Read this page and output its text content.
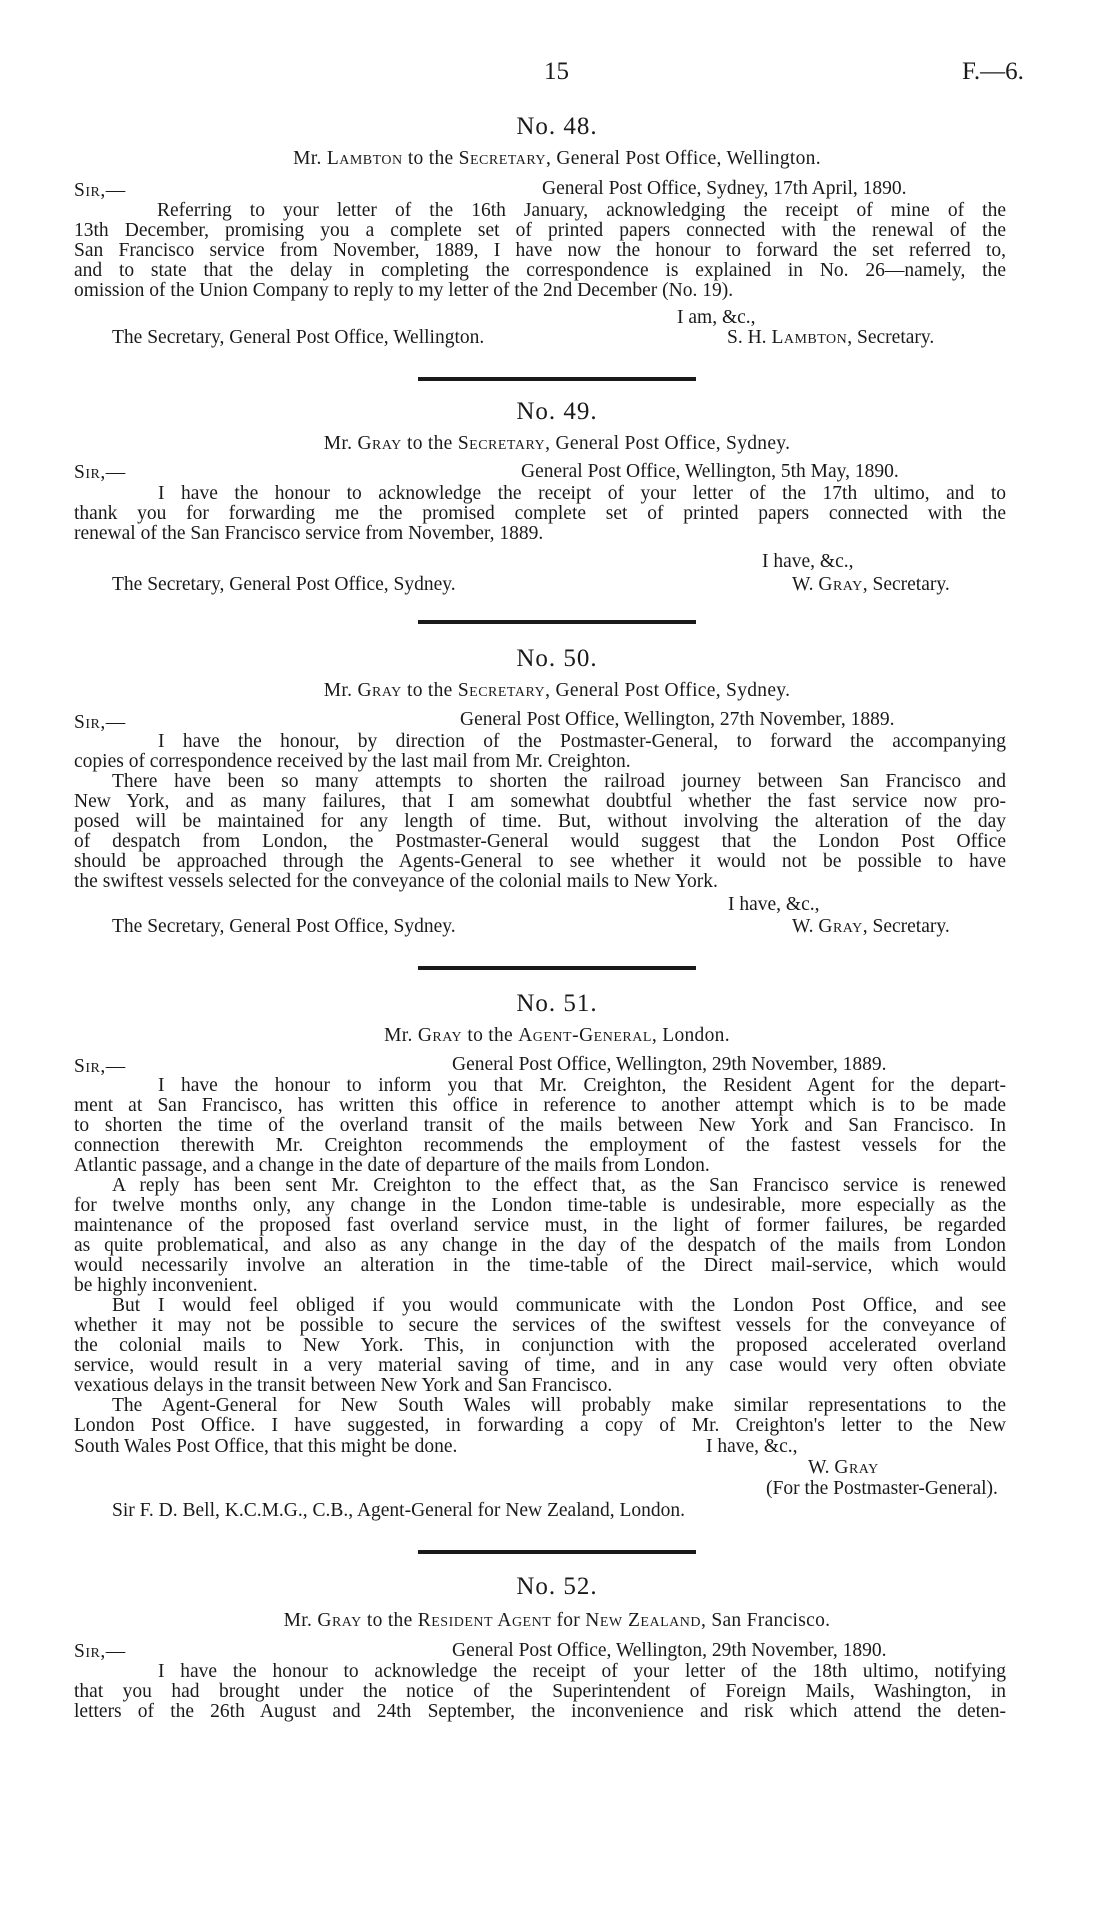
15	F.—6.
No. 48.
Mr. Lambton to the Secretary, General Post Office, Wellington.
Sir,—	General Post Office, Sydney, 17th April, 1890.
Referring to your letter of the 16th January, acknowledging the receipt of mine of the
13th December, promising you a complete set of printed papers connected with the renewal of the
San Francisco service from November, 1889, I have now the honour to forward the set referred to,
and to state that the delay in completing the correspondence is explained in No. 26—namely, the
omission of the Union Company to reply to my letter of the 2nd December (No. 19).
I am, &c.,
The Secretary, General Post Office, Wellington.	S. H. Lambton, Secretary.
No. 49.
Mr. Gray to the Secretary, General Post Office, Sydney.
Sir,—	General Post Office, Wellington, 5th May, 1890.
I have the honour to acknowledge the receipt of your letter of the 17th ultimo, and to
thank you for forwarding me the promised complete set of printed papers connected with the
renewal of the San Francisco service from November, 1889.
I have, &c.,
The Secretary, General Post Office, Sydney.	W. Gray, Secretary.
No. 50.
Mr. Gray to the Secretary, General Post Office, Sydney.
Sir,—	General Post Office, Wellington, 27th November, 1889.
I have the honour, by direction of the Postmaster-General, to forward the accompanying
copies of correspondence received by the last mail from Mr. Creighton.
There have been so many attempts to shorten the railroad journey between San Francisco and
New York, and as many failures, that I am somewhat doubtful whether the fast service now pro-
posed will be maintained for any length of time. But, without involving the alteration of the day
of despatch from London, the Postmaster-General would suggest that the London Post Office
should be approached through the Agents-General to see whether it would not be possible to have
the swiftest vessels selected for the conveyance of the colonial mails to New York.
I have, &c.,
The Secretary, General Post Office, Sydney.	W. Gray, Secretary.
No. 51.
Mr. Gray to the Agent-General, London.
Sir,—	General Post Office, Wellington, 29th November, 1889.
I have the honour to inform you that Mr. Creighton, the Resident Agent for the depart-
ment at San Francisco, has written this office in reference to another attempt which is to be made
to shorten the time of the overland transit of the mails between New York and San Francisco. In
connection therewith Mr. Creighton recommends the employment of the fastest vessels for the
Atlantic passage, and a change in the date of departure of the mails from London.
A reply has been sent Mr. Creighton to the effect that, as the San Francisco service is renewed
for twelve months only, any change in the London time-table is undesirable, more especially as the
maintenance of the proposed fast overland service must, in the light of former failures, be regarded
as quite problematical, and also as any change in the day of the despatch of the mails from London
would necessarily involve an alteration in the time-table of the Direct mail-service, which would
be highly inconvenient.
But I would feel obliged if you would communicate with the London Post Office, and see
whether it may not be possible to secure the services of the swiftest vessels for the conveyance of
the colonial mails to New York. This, in conjunction with the proposed accelerated overland
service, would result in a very material saving of time, and in any case would very often obviate
vexatious delays in the transit between New York and San Francisco.
The Agent-General for New South Wales will probably make similar representations to the
London Post Office. I have suggested, in forwarding a copy of Mr. Creighton's letter to the New
South Wales Post Office, that this might be done.	I have, &c.,
W. Gray
(For the Postmaster-General).
Sir F. D. Bell, K.C.M.G., C.B., Agent-General for New Zealand, London.
No. 52.
Mr. Gray to the Resident Agent for New Zealand, San Francisco.
Sir,—	General Post Office, Wellington, 29th November, 1890.
I have the honour to acknowledge the receipt of your letter of the 18th ultimo, notifying
that you had brought under the notice of the Superintendent of Foreign Mails, Washington, in
letters of the 26th August and 24th September, the inconvenience and risk which attend the deten-
